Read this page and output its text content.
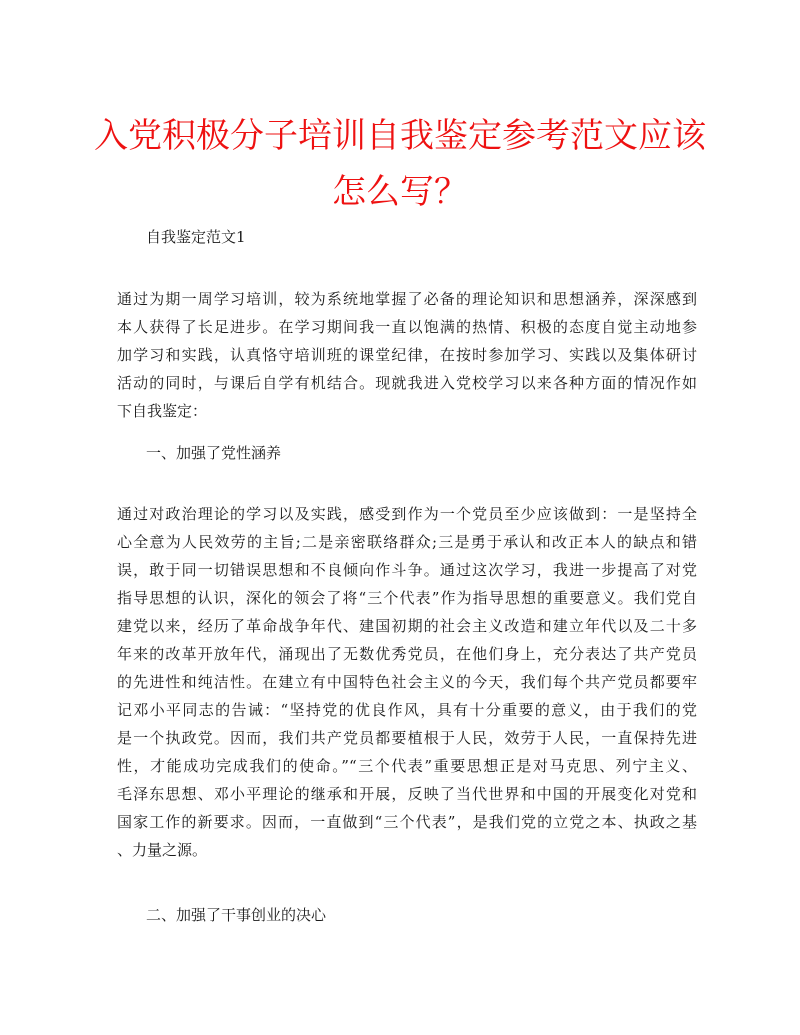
入党积极分子培训自我鉴定参考范文应该
怎么写？
自我鉴定范文1
通过为期一周学习培训，较为系统地掌握了必备的理论知识和思想涵养，深深感到
本人获得了长足进步。在学习期间我一直以饱满的热情、积极的态度自觉主动地参
加学习和实践，认真恪守培训班的课堂纪律，在按时参加学习、实践以及集体研讨
活动的同时，与课后自学有机结合。现就我进入党校学习以来各种方面的情况作如
下自我鉴定：
一、加强了党性涵养
通过对政治理论的学习以及实践，感受到作为一个党员至少应该做到：一是坚持全
心全意为人民效劳的主旨;二是亲密联络群众;三是勇于承认和改正本人的缺点和错
误，敢于同一切错误思想和不良倾向作斗争。通过这次学习，我进一步提高了对党
指导思想的认识，深化的领会了将“三个代表”作为指导思想的重要意义。我们党自
建党以来，经历了革命战争年代、建国初期的社会主义改造和建立年代以及二十多
年来的改革开放年代，涌现出了无数优秀党员，在他们身上，充分表达了共产党员
的先进性和纯洁性。在建立有中国特色社会主义的今天，我们每个共产党员都要牢
记邓小平同志的告诫：“坚持党的优良作风，具有十分重要的意义，由于我们的党
是一个执政党。因而，我们共产党员都要植根于人民，效劳于人民，一直保持先进
性，才能成功完成我们的使命。”“三个代表”重要思想正是对马克思、列宁主义、
毛泽东思想、邓小平理论的继承和开展，反映了当代世界和中国的开展变化对党和
国家工作的新要求。因而，一直做到“三个代表”，是我们党的立党之本、执政之基
、力量之源。
二、加强了干事创业的决心
